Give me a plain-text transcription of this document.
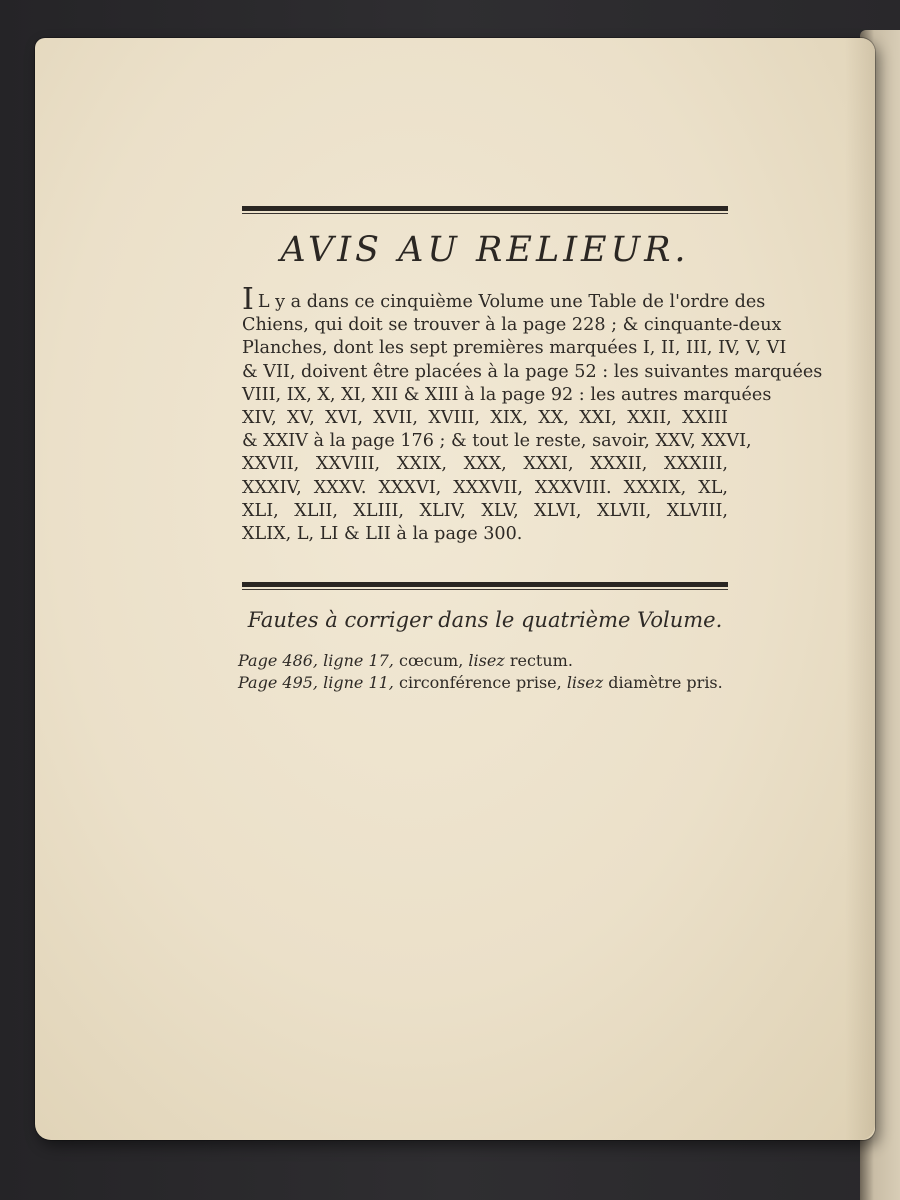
AVIS AU RELIEUR.

I L y a dans ce cinquième Volume une Table de l'ordre des

Chiens, qui doit se trouver à la page 228 ; & cinquante-deux

Planches, dont les sept premières marquées I, II, III, IV, V, VI

& VII, doivent être placées à la page 52 : les suivantes marquées

VIII, IX, X, XI, XII & XIII à la page 92 : les autres marquées

XIV, XV, XVI, XVII, XVIII, XIX, XX, XXI, XXII, XXIII

& XXIV à la page 176 ; & tout le reste, savoir, XXV, XXVI,

XXVII, XXVIII, XXIX, XXX, XXXI, XXXII, XXXIII,

XXXIV, XXXV. XXXVI, XXXVII, XXXVIII. XXXIX, XL,

XLI, XLII, XLIII, XLIV, XLV, XLVI, XLVII, XLVIII,

XLIX, L, LI & LII à la page 300.

Fautes à corriger dans le quatrième Volume.
Page 486, ligne 17, cœcum, lisez rectum.
Page 495, ligne 11, circonférence prise, lisez diamètre pris.
